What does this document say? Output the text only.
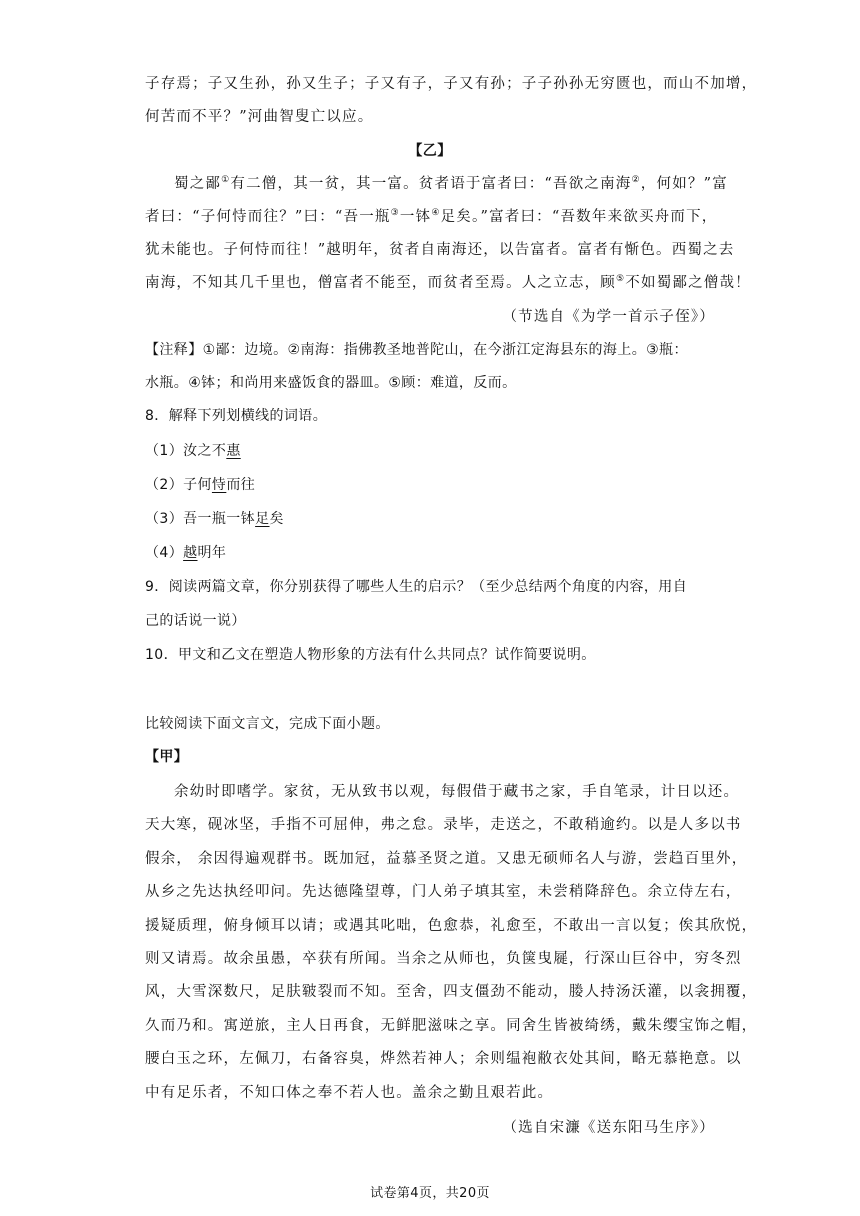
子存焉；子又生孙，孙又生子；子又有子，子又有孙；子子孙孙无穷匮也，而山不加增，
何苦而不平？”河曲智叟亡以应。
【乙】
蜀之鄙①有二僧，其一贫，其一富。贫者语于富者曰：“吾欲之南海②，何如？”富
者曰：“子何恃而往？”曰：“吾一瓶③一钵④足矣。”富者曰：“吾数年来欲买舟而下，
犹未能也。子何恃而往！”越明年，贫者自南海还，以告富者。富者有惭色。西蜀之去
南海，不知其几千里也，僧富者不能至，而贫者至焉。人之立志，顾⑤不如蜀鄙之僧哉！
（节选自《为学一首示子侄》）
【注释】①鄙：边境。②南海：指佛教圣地普陀山，在今浙江定海县东的海上。③瓶：
水瓶。④钵；和尚用来盛饭食的器皿。⑤顾：难道，反而。
8．解释下列划横线的词语。
（1）汝之不惠
（2）子何恃而往
（3）吾一瓶一钵足矣
（4）越明年
9．阅读两篇文章，你分别获得了哪些人生的启示？（至少总结两个角度的内容，用自
己的话说一说）
10．甲文和乙文在塑造人物形象的方法有什么共同点？试作简要说明。
比较阅读下面文言文，完成下面小题。
【甲】
余幼时即嗜学。家贫，无从致书以观，每假借于藏书之家，手自笔录，计日以还。
天大寒，砚冰坚，手指不可屈伸，弗之怠。录毕，走送之，不敢稍逾约。以是人多以书
假余， 余因得遍观群书。既加冠，益慕圣贤之道。又患无硕师名人与游，尝趋百里外，
从乡之先达执经叩问。先达德隆望尊，门人弟子填其室，未尝稍降辞色。余立侍左右，
援疑质理，俯身倾耳以请；或遇其叱咄，色愈恭，礼愈至，不敢出一言以复；俟其欣悦，
则又请焉。故余虽愚，卒获有所闻。当余之从师也，负箧曳屣，行深山巨谷中，穷冬烈
风，大雪深数尺，足肤皲裂而不知。至舍，四支僵劲不能动，媵人持汤沃灌，以衾拥覆，
久而乃和。寓逆旅，主人日再食，无鲜肥滋味之享。同舍生皆被绮绣，戴朱缨宝饰之帽，
腰白玉之环，左佩刀，右备容臭，烨然若神人；余则缊袍敝衣处其间，略无慕艳意。以
中有足乐者，不知口体之奉不若人也。盖余之勤且艰若此。
（选自宋濂《送东阳马生序》）
试卷第4页，共20页
